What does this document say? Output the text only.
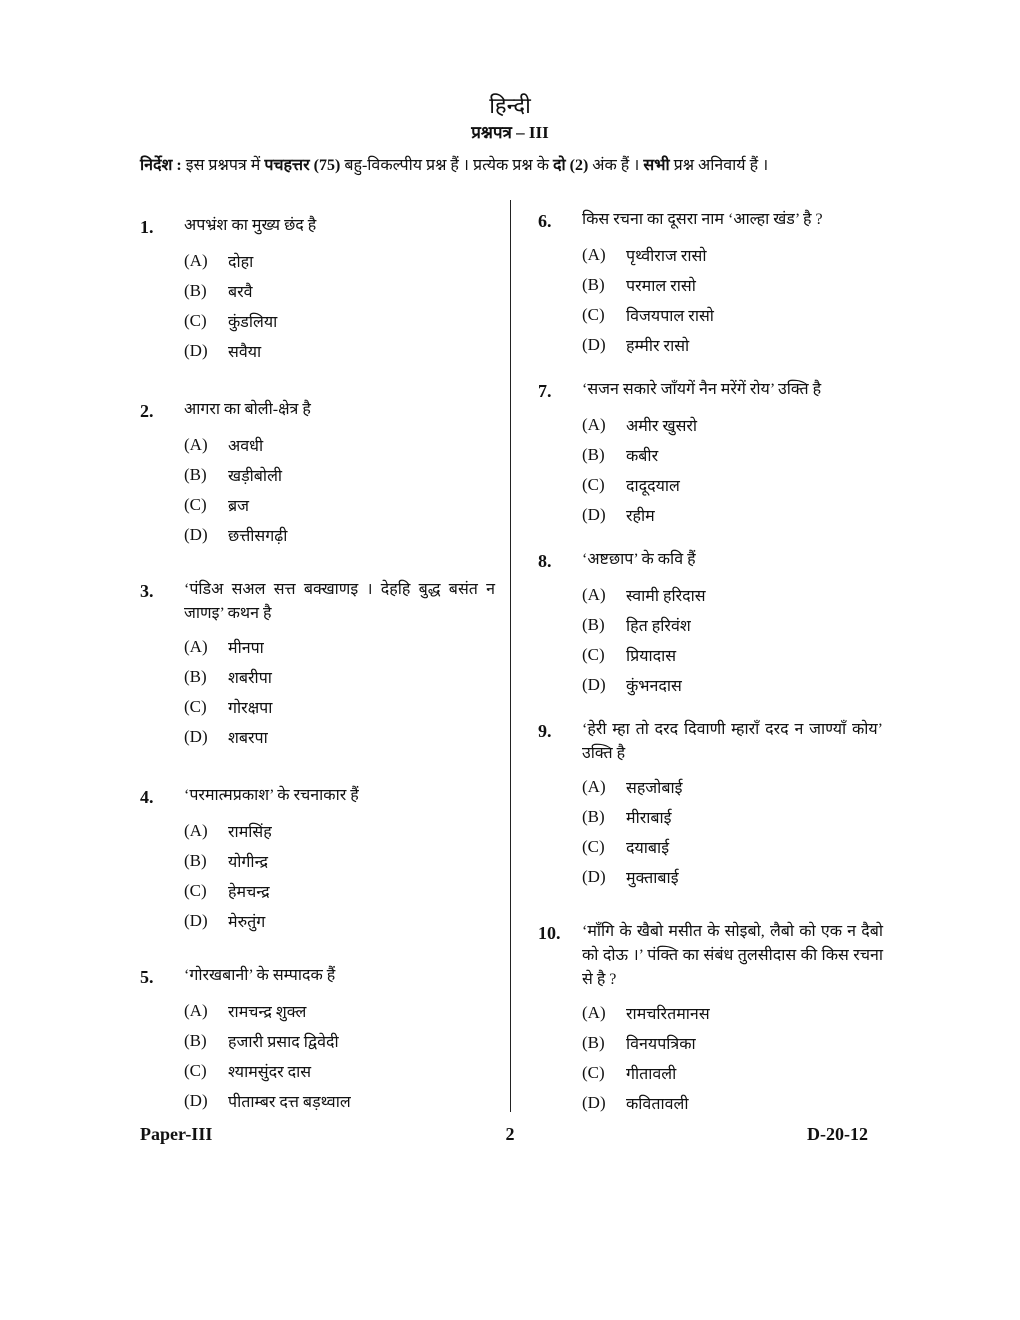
हिन्दी
प्रश्नपत्र – III
निर्देश : इस प्रश्नपत्र में पचहत्तर (75) बहु-विकल्पीय प्रश्न हैं । प्रत्येक प्रश्न के दो (2) अंक हैं । सभी प्रश्न अनिवार्य हैं ।
1.	अपभ्रंश का मुख्य छंद है
(A)	दोहा
(B)	बरवै
(C)	कुंडलिया
(D)	सवैया
2.	आगरा का बोली-क्षेत्र है
(A)	अवधी
(B)	खड़ीबोली
(C)	ब्रज
(D)	छत्तीसगढ़ी
3.	‘पंडिअ सअल सत्त बक्खाणइ । देहहि बुद्ध बसंत न जाणइ’ कथन है
(A)	मीनपा
(B)	शबरीपा
(C)	गोरक्षपा
(D)	शबरपा
4.	‘परमात्मप्रकाश’ के रचनाकार हैं
(A)	रामसिंह
(B)	योगीन्द्र
(C)	हेमचन्द्र
(D)	मेरुतुंग
5.	‘गोरखबानी’ के सम्पादक हैं
(A)	रामचन्द्र शुक्ल
(B)	हजारी प्रसाद द्विवेदी
(C)	श्यामसुंदर दास
(D)	पीताम्बर दत्त बड़थ्वाल
6.	किस रचना का दूसरा नाम ‘आल्हा खंड’ है ?
(A)	पृथ्वीराज रासो
(B)	परमाल रासो
(C)	विजयपाल रासो
(D)	हम्मीर रासो
7.	‘सजन सकारे जाँयगें नैन मरेंगें रोय’ उक्ति है
(A)	अमीर खुसरो
(B)	कबीर
(C)	दादूदयाल
(D)	रहीम
8.	‘अष्टछाप’ के कवि हैं
(A)	स्वामी हरिदास
(B)	हित हरिवंश
(C)	प्रियादास
(D)	कुंभनदास
9.	‘हेरी म्हा तो दरद दिवाणी म्हारॉं दरद न जाण्यॉं कोय’ उक्ति है
(A)	सहजोबाई
(B)	मीराबाई
(C)	दयाबाई
(D)	मुक्ताबाई
10.	‘माँगि के खैबो मसीत के सोइबो, लैबो को एक न दैबो को दोऊ ।’ पंक्ति का संबंध तुलसीदास की किस रचना से है ?
(A)	रामचरितमानस
(B)	विनयपत्रिका
(C)	गीतावली
(D)	कवितावली
Paper-III	2	D-20-12
